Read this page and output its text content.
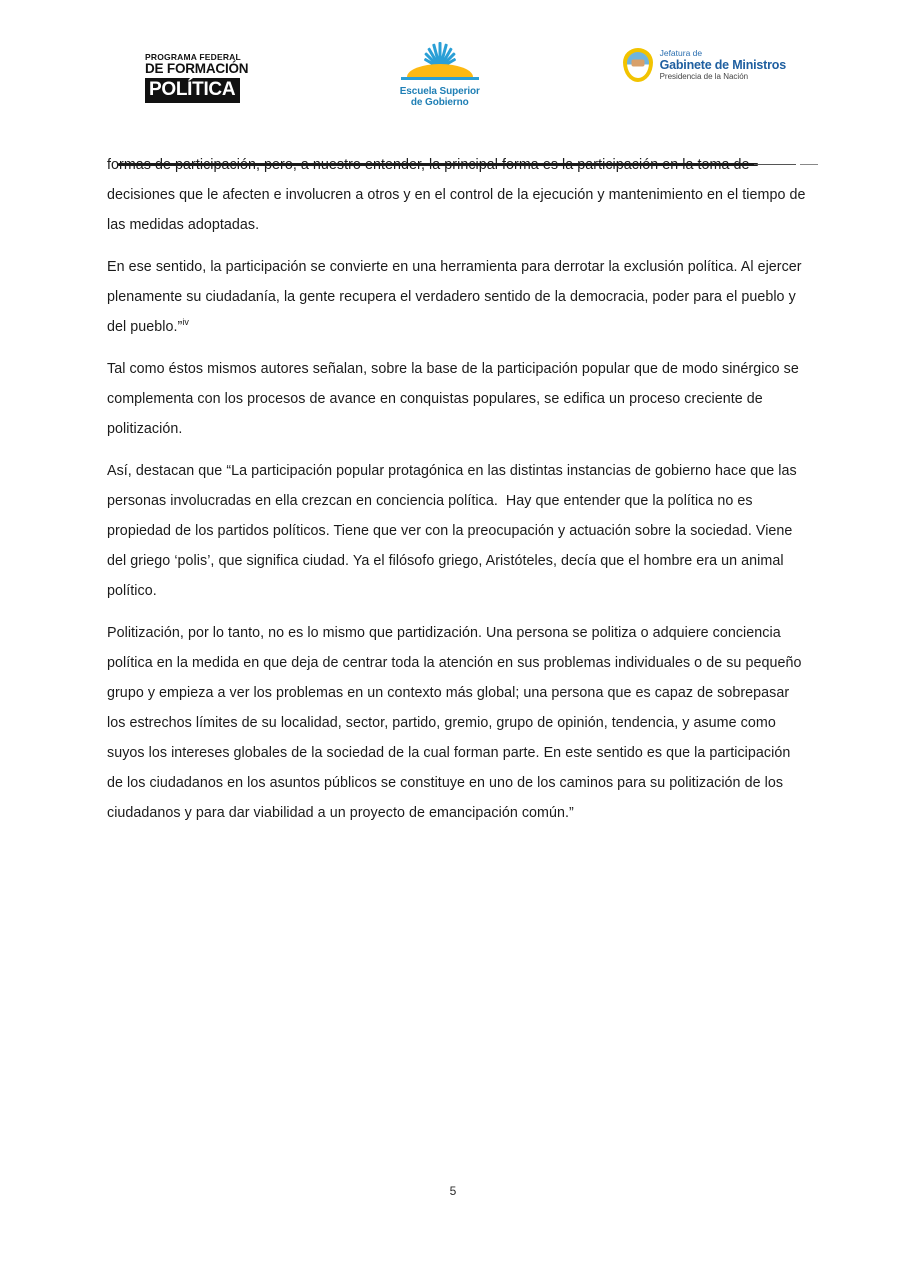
PROGRAMA FEDERAL
DE FORMACIÓN
POLÍTICA	Escuela Superior
de Gobierno
Jefatura de
Gabinete de Ministros
Presidencia de la Nación

formas de participación, pero, a nuestro entender, la principal forma es la participación en la toma de decisiones que le afecten e involucren a otros y en el control de la ejecución y mantenimiento en el tiempo de las medidas adoptadas.

En ese sentido, la participación se convierte en una herramienta para derrotar la exclusión política. Al ejercer plenamente su ciudadanía, la gente recupera el verdadero sentido de la democracia, poder para el pueblo y del pueblo.”$^{iv}$

Tal como éstos mismos autores señalan, sobre la base de la participación popular que de modo sinérgico se complementa con los procesos de avance en conquistas populares, se edifica un proceso creciente de politización.

Así, destacan que “La participación popular protagónica en las distintas instancias de gobierno hace que las personas involucradas en ella crezcan en conciencia política.  Hay que entender que la política no es propiedad de los partidos políticos. Tiene que ver con la preocupación y actuación sobre la sociedad. Viene del griego ‘polis’, que significa ciudad. Ya el filósofo griego, Aristóteles, decía que el hombre era un animal político.

Politización, por lo tanto, no es lo mismo que partidización. Una persona se politiza o adquiere conciencia política en la medida en que deja de centrar toda la atención en sus problemas individuales o de su pequeño grupo y empieza a ver los problemas en un contexto más global; una persona que es capaz de sobrepasar los estrechos límites de su localidad, sector, partido, gremio, grupo de opinión, tendencia, y asume como suyos los intereses globales de la sociedad de la cual forman parte. En este sentido es que la participación de los ciudadanos en los asuntos públicos se constituye en uno de los caminos para su politización de los ciudadanos y para dar viabilidad a un proyecto de emancipación común.”

5
